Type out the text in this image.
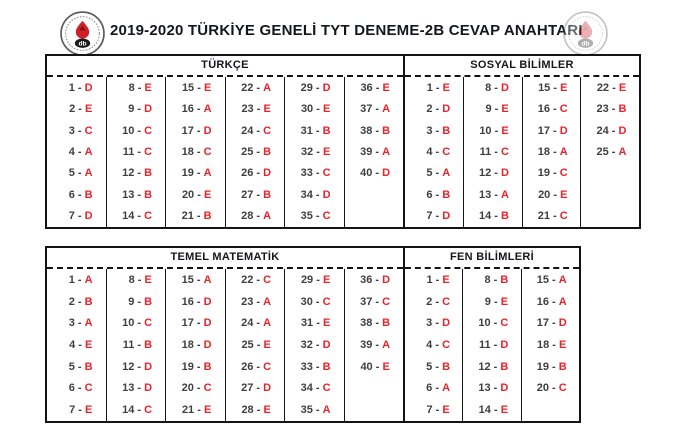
db
2019-2020 TÜRKİYE GENELİ TYT DENEME-2B CEVAP ANAHTARI
db
TÜRKÇE
1 - D
2 - E
3 - C
4 - A
5 - A
6 - B
7 - D
8 - E
9 - D
10 - C
11 - C
12 - B
13 - B
14 - C
15 - E
16 - A
17 - D
18 - C
19 - A
20 - E
21 - B
22 - A
23 - E
24 - C
25 - B
26 - D
27 - B
28 - A
29 - D
30 - E
31 - B
32 - E
33 - C
34 - D
35 - C
36 - E
37 - A
38 - B
39 - A
40 - D
SOSYAL BİLİMLER
1 - E
2 - D
3 - B
4 - C
5 - A
6 - B
7 - D
8 - D
9 - E
10 - E
11 - C
12 - D
13 - A
14 - B
15 - E
16 - C
17 - D
18 - A
19 - C
20 - E
21 - C
22 - E
23 - B
24 - D
25 - A
TEMEL MATEMATİK
1 - A
2 - B
3 - A
4 - E
5 - B
6 - C
7 - E
8 - E
9 - B
10 - C
11 - B
12 - D
13 - D
14 - C
15 - A
16 - D
17 - D
18 - D
19 - B
20 - C
21 - E
22 - C
23 - A
24 - A
25 - E
26 - C
27 - D
28 - E
29 - E
30 - C
31 - E
32 - D
33 - B
34 - C
35 - A
36 - D
37 - C
38 - B
39 - A
40 - E
FEN BİLİMLERİ
1 - E
2 - C
3 - D
4 - C
5 - B
6 - A
7 - E
8 - B
9 - E
10 - C
11 - D
12 - B
13 - D
14 - E
15 - A
16 - A
17 - D
18 - E
19 - B
20 - C
